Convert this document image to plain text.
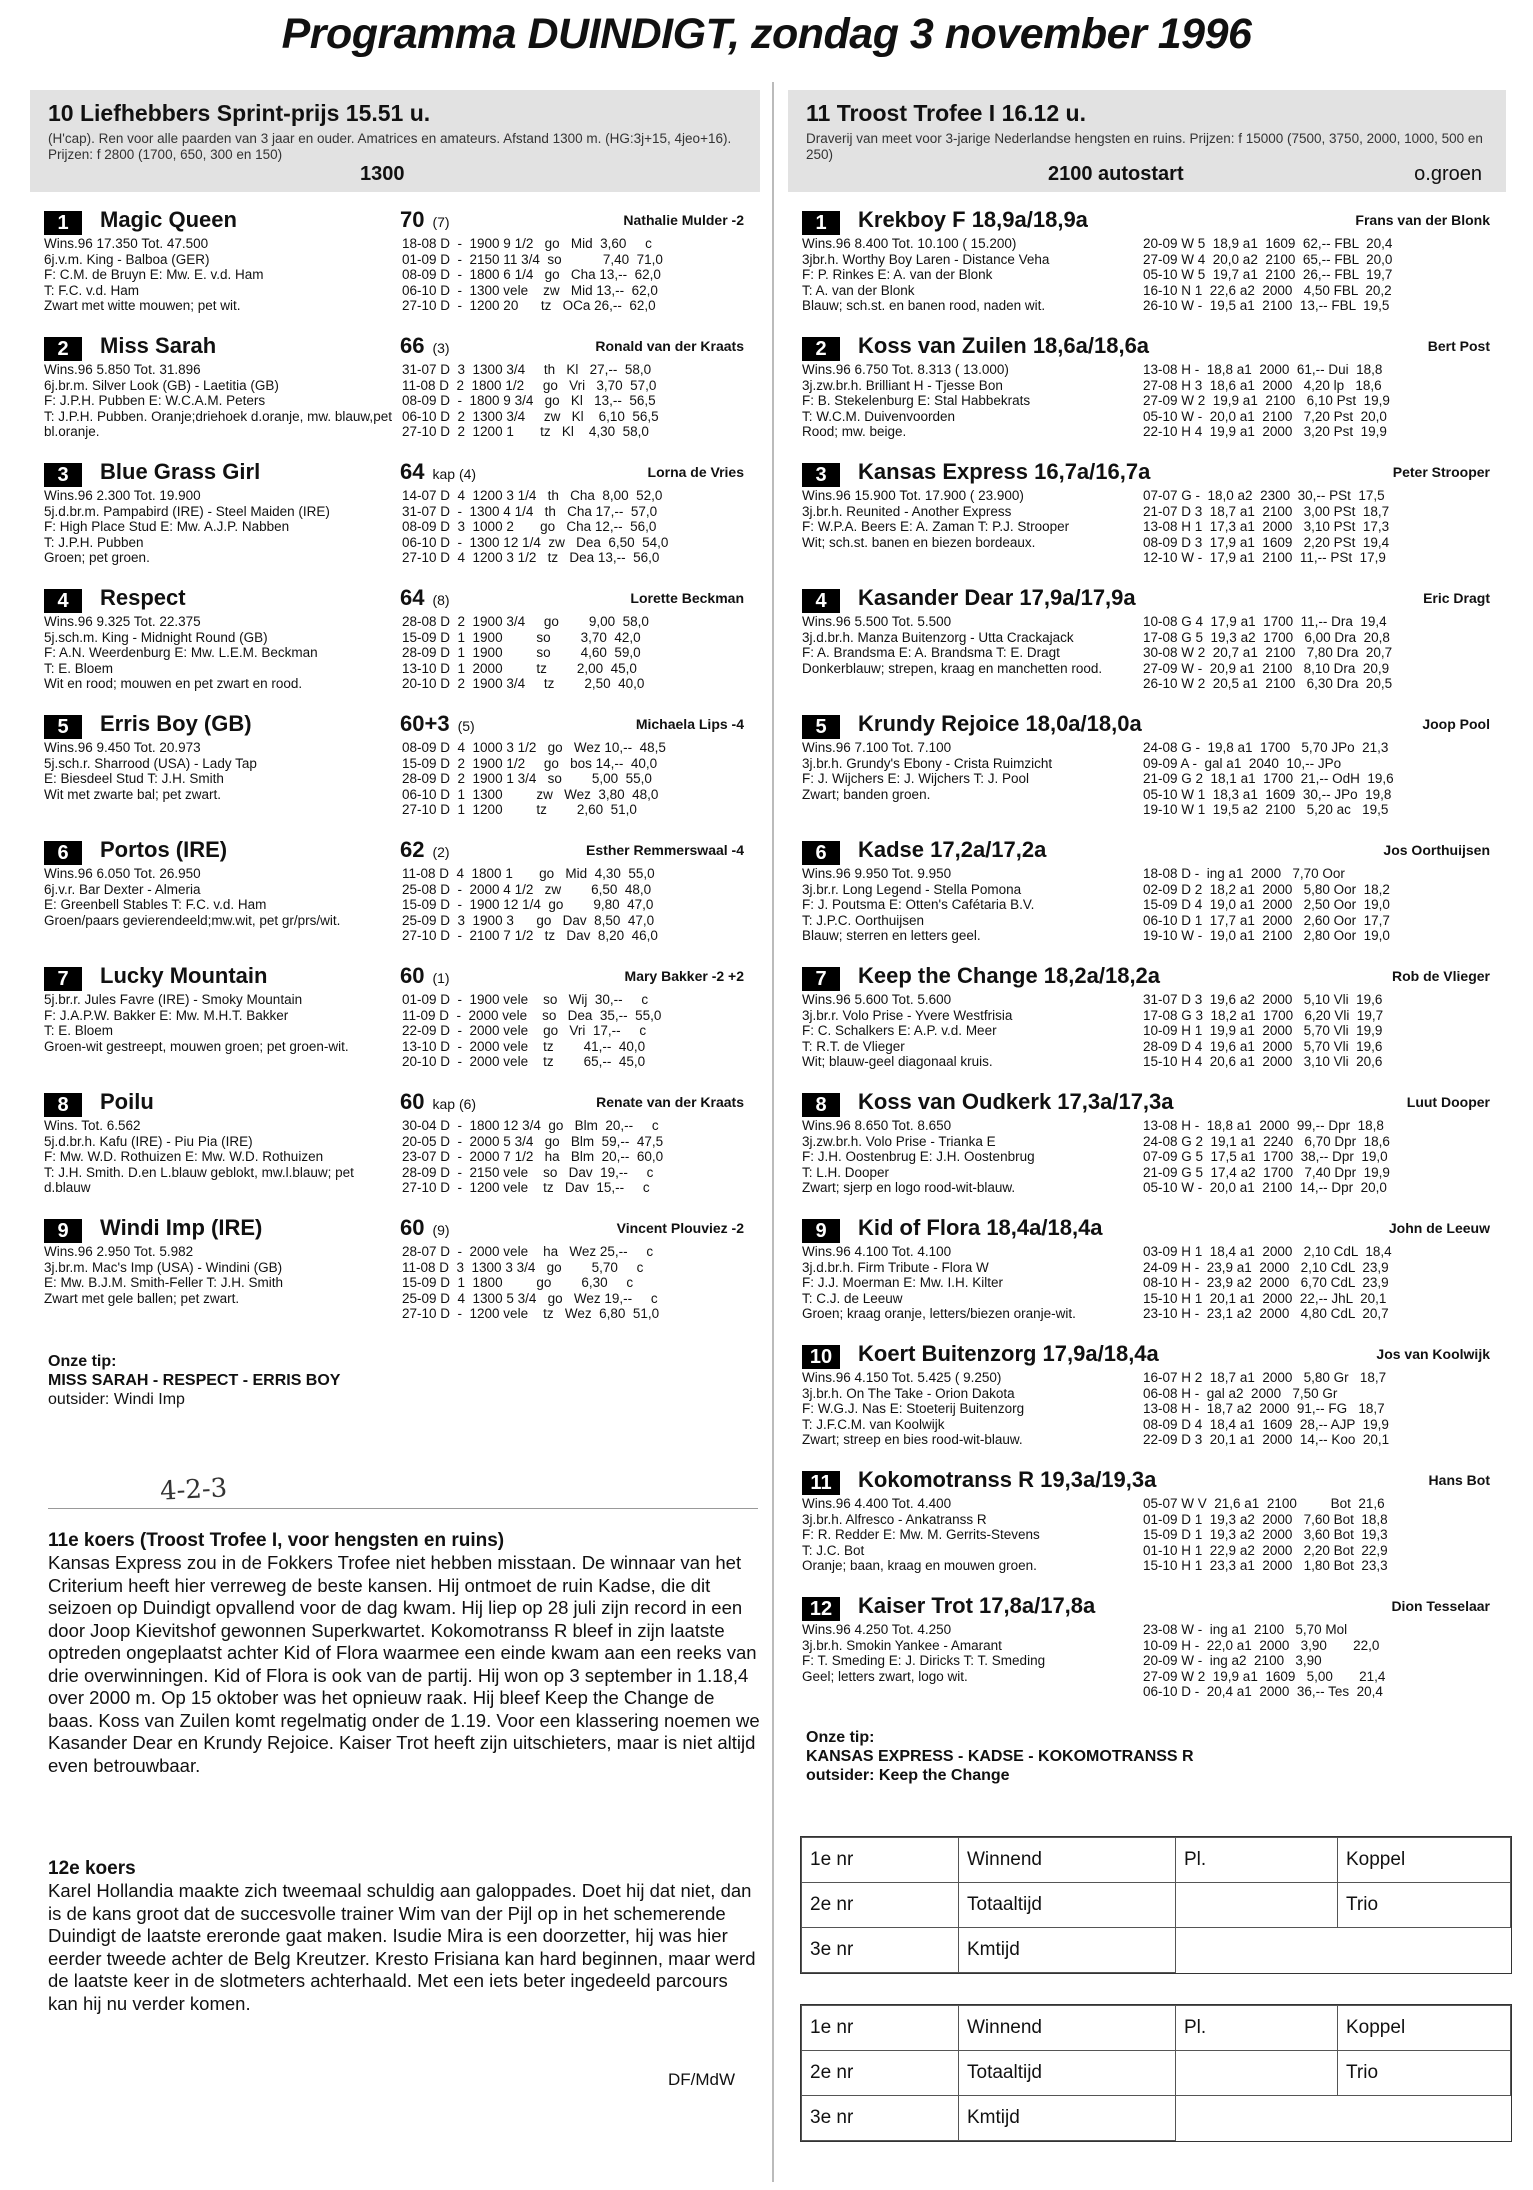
Programma DUINDIGT, zondag 3 november 1996
10 Liefhebbers Sprint-prijs 15.51 u.
(H'cap). Ren voor alle paarden van 3 jaar en ouder. Amatrices en amateurs. Afstand 1300 m. (HG:3j+15, 4jeo+16). Prijzen: f 2800 (1700, 650, 300 en 150)
1300
1	Magic Queen	70 (7)	Nathalie Mulder -2
Wins.96 17.350 Tot. 47.500
6j.v.m. King - Balboa (GER)
F: C.M. de Bruyn E: Mw. E. v.d. Ham
T: F.C. v.d. Ham
Zwart met witte mouwen; pet wit.
18-08 D  -  1900 9 1/2   go   Mid  3,60     c
01-09 D  -  2150 11 3/4  so           7,40  71,0
08-09 D  -  1800 6 1/4   go   Cha 13,--  62,0
06-10 D  -  1300 vele    zw   Mid 13,--  62,0
27-10 D  -  1200 20      tz   OCa 26,--  62,0
2	Miss Sarah	66 (3)	Ronald van der Kraats
Wins.96 5.850 Tot. 31.896
6j.br.m. Silver Look (GB) - Laetitia (GB)
F: J.P.H. Pubben E: W.C.A.M. Peters
T: J.P.H. Pubben. Oranje;driehoek d.oranje, mw. blauw,pet bl.oranje.
31-07 D  3  1300 3/4     th   Kl   27,--  58,0
11-08 D  2  1800 1/2     go   Vri   3,70  57,0
08-09 D  -  1800 9 3/4   go   Kl   13,--  56,5
06-10 D  2  1300 3/4     zw   Kl    6,10  56,5
27-10 D  2  1200 1       tz   Kl    4,30  58,0
3	Blue Grass Girl	64 kap (4)	Lorna de Vries
Wins.96 2.300 Tot. 19.900
5j.d.br.m. Pampabird (IRE) - Steel Maiden (IRE)
F: High Place Stud E: Mw. A.J.P. Nabben
T: J.P.H. Pubben
Groen; pet groen.
14-07 D  4  1200 3 1/4   th   Cha  8,00  52,0
31-07 D  -  1300 4 1/4   th   Cha 17,--  57,0
08-09 D  3  1000 2       go   Cha 12,--  56,0
06-10 D  -  1300 12 1/4  zw   Dea  6,50  54,0
27-10 D  4  1200 3 1/2   tz   Dea 13,--  56,0
4	Respect	64 (8)	Lorette Beckman
Wins.96 9.325 Tot. 22.375
5j.sch.m. King - Midnight Round (GB)
F: A.N. Weerdenburg E: Mw. L.E.M. Beckman
T: E. Bloem
Wit en rood; mouwen en pet zwart en rood.
28-08 D  2  1900 3/4     go        9,00  58,0
15-09 D  1  1900         so        3,70  42,0
28-09 D  1  1900         so        4,60  59,0
13-10 D  1  2000         tz        2,00  45,0
20-10 D  2  1900 3/4     tz        2,50  40,0
5	Erris Boy (GB)	60+3 (5)	Michaela Lips -4
Wins.96 9.450 Tot. 20.973
5j.sch.r. Sharrood (USA) - Lady Tap
E: Biesdeel Stud T: J.H. Smith
Wit met zwarte bal; pet zwart.
08-09 D  4  1000 3 1/2   go   Wez 10,--  48,5
15-09 D  2  1900 1/2     go   bos 14,--  40,0
28-09 D  2  1900 1 3/4   so        5,00  55,0
06-10 D  1  1300         zw   Wez  3,80  48,0
27-10 D  1  1200         tz        2,60  51,0
6	Portos (IRE)	62 (2)	Esther Remmerswaal -4
Wins.96 6.050 Tot. 26.950
6j.v.r. Bar Dexter - Almeria
E: Greenbell Stables T: F.C. v.d. Ham
Groen/paars gevierendeeld;mw.wit, pet gr/prs/wit.
11-08 D  4  1800 1       go   Mid  4,30  55,0
25-08 D  -  2000 4 1/2   zw        6,50  48,0
15-09 D  -  1900 12 1/4  go        9,80  47,0
25-09 D  3  1900 3      go   Dav  8,50  47,0
27-10 D  -  2100 7 1/2   tz   Dav  8,20  46,0
7	Lucky Mountain	60 (1)	Mary Bakker -2 +2
5j.br.r. Jules Favre (IRE) - Smoky Mountain
F: J.A.P.W. Bakker E: Mw. M.H.T. Bakker
T: E. Bloem
Groen-wit gestreept, mouwen groen; pet groen-wit.
01-09 D  -  1900 vele    so   Wij  30,--     c
11-09 D  -  2000 vele    so   Dea  35,--  55,0
22-09 D  -  2000 vele    go   Vri  17,--     c
13-10 D  -  2000 vele    tz        41,--  40,0
20-10 D  -  2000 vele    tz        65,--  45,0
8	Poilu	60 kap (6)	Renate van der Kraats
Wins. Tot. 6.562
5j.d.br.h. Kafu (IRE) - Piu Pia (IRE)
F: Mw. W.D. Rothuizen E: Mw. W.D. Rothuizen
T: J.H. Smith. D.en L.blauw geblokt, mw.l.blauw; pet d.blauw
30-04 D  -  1800 12 3/4  go   Blm  20,--     c
20-05 D  -  2000 5 3/4   go   Blm  59,--  47,5
23-07 D  -  2000 7 1/2   ha   Blm  20,--  60,0
28-09 D  -  2150 vele    so   Dav  19,--     c
27-10 D  -  1200 vele    tz   Dav  15,--     c
9	Windi Imp (IRE)	60 (9)	Vincent Plouviez -2
Wins.96 2.950 Tot. 5.982
3j.br.m. Mac's Imp (USA) - Windini (GB)
E: Mw. B.J.M. Smith-Feller T: J.H. Smith
Zwart met gele ballen; pet zwart.
28-07 D  -  2000 vele    ha   Wez 25,--     c
11-08 D  3  1300 3 3/4   go        5,70     c
15-09 D  1  1800         go        6,30     c
25-09 D  4  1300 5 3/4   go   Wez 19,--     c
27-10 D  -  1200 vele    tz   Wez  6,80  51,0
Onze tip:
MISS SARAH - RESPECT - ERRIS BOY
outsider: Windi Imp
4-2-3
11e koers (Troost Trofee I, voor hengsten en ruins)

Kansas Express zou in de Fokkers Trofee niet hebben misstaan. De winnaar van het Criterium heeft hier verreweg de beste kansen. Hij ontmoet de ruin Kadse, die dit seizoen op Duindigt opvallend voor de dag kwam. Hij liep op 28 juli zijn record in een door Joop Kievitshof gewonnen Superkwartet. Kokomotranss R bleef in zijn laatste optreden ongeplaatst achter Kid of Flora waarmee een einde kwam aan een reeks van drie overwinningen. Kid of Flora is ook van de partij. Hij won op 3 september in 1.18,4 over 2000 m. Op 15 oktober was het opnieuw raak. Hij bleef Keep the Change de baas. Koss van Zuilen komt regelmatig onder de 1.19. Voor een klassering noemen we Kasander Dear en Krundy Rejoice. Kaiser Trot heeft zijn uitschieters, maar is niet altijd even betrouwbaar.

12e koers

Karel Hollandia maakte zich tweemaal schuldig aan galoppades. Doet hij dat niet, dan is de kans groot dat de succesvolle trainer Wim van der Pijl op in het schemerende Duindigt de laatste ereronde gaat maken. Isudie Mira is een doorzetter, hij was hier eerder tweede achter de Belg Kreutzer. Kresto Frisiana kan hard beginnen, maar werd de laatste keer in de slotmeters achterhaald. Met een iets beter ingedeeld parcours kan hij nu verder komen.

DF/MdW
11 Troost Trofee I 16.12 u.
Draverij van meet voor 3-jarige Nederlandse hengsten en ruins. Prijzen: f 15000 (7500, 3750, 2000, 1000, 500 en 250)
2100 autostart	o.groen
1	Krekboy F 18,9a/18,9a	Frans van der Blonk
Wins.96 8.400 Tot. 10.100 ( 15.200)
3jbr.h. Worthy Boy Laren - Distance Veha
F: P. Rinkes E: A. van der Blonk
T: A. van der Blonk
Blauw; sch.st. en banen rood, naden wit.
20-09 W 5  18,9 a1  1609  62,-- FBL  20,4
27-09 W 4  20,0 a2  2100  65,-- FBL  20,0
05-10 W 5  19,7 a1  2100  26,-- FBL  19,7
16-10 N 1  22,6 a2  2000   4,50 FBL  20,2
26-10 W -  19,5 a1  2100  13,-- FBL  19,5
2	Koss van Zuilen 18,6a/18,6a	Bert Post
Wins.96 6.750 Tot. 8.313 ( 13.000)
3j.zw.br.h. Brilliant H - Tjesse Bon
F: B. Stekelenburg E: Stal Habbekrats
T: W.C.M. Duivenvoorden
Rood; mw. beige.
13-08 H -  18,8 a1  2000  61,-- Dui  18,8
27-08 H 3  18,6 a1  2000   4,20 lp   18,6
27-09 W 2  19,9 a1  2100   6,10 Pst  19,9
05-10 W -  20,0 a1  2100   7,20 Pst  20,0
22-10 H 4  19,9 a1  2000   3,20 Pst  19,9
3	Kansas Express 16,7a/16,7a	Peter Strooper
Wins.96 15.900 Tot. 17.900 ( 23.900)
3j.br.h. Reunited - Another Express
F: W.P.A. Beers E: A. Zaman T: P.J. Strooper
Wit; sch.st. banen en biezen bordeaux.
07-07 G -  18,0 a2  2300  30,-- PSt  17,5
21-07 D 3  18,7 a1  2100   3,00 PSt  18,7
13-08 H 1  17,3 a1  2000   3,10 PSt  17,3
08-09 D 3  17,9 a1  1609   2,20 PSt  19,4
12-10 W -  17,9 a1  2100  11,-- PSt  17,9
4	Kasander Dear 17,9a/17,9a	Eric Dragt
Wins.96 5.500 Tot. 5.500
3j.d.br.h. Manza Buitenzorg - Utta Crackajack
F: A. Brandsma E: A. Brandsma T: E. Dragt
Donkerblauw; strepen, kraag en manchetten rood.
10-08 G 4  17,9 a1  1700  11,-- Dra  19,4
17-08 G 5  19,3 a2  1700   6,00 Dra  20,8
30-08 W 2  20,7 a1  2100   7,80 Dra  20,7
27-09 W -  20,9 a1  2100   8,10 Dra  20,9
26-10 W 2  20,5 a1  2100   6,30 Dra  20,5
5	Krundy Rejoice 18,0a/18,0a	Joop Pool
Wins.96 7.100 Tot. 7.100
3j.br.h. Grundy's Ebony - Crista Ruimzicht
F: J. Wijchers E: J. Wijchers T: J. Pool
Zwart; banden groen.
24-08 G -  19,8 a1  1700   5,70 JPo  21,3
09-09 A -  gal a1  2040  10,-- JPo
21-09 G 2  18,1 a1  1700  21,-- OdH  19,6
05-10 W 1  18,3 a1  1609  30,-- JPo  19,8
19-10 W 1  19,5 a2  2100   5,20 ac   19,5
6	Kadse 17,2a/17,2a	Jos Oorthuijsen
Wins.96 9.950 Tot. 9.950
3j.br.r. Long Legend - Stella Pomona
F: J. Poutsma E: Otten's Cafétaria B.V.
T: J.P.C. Oorthuijsen
Blauw; sterren en letters geel.
18-08 D -  ing a1  2000   7,70 Oor
02-09 D 2  18,2 a1  2000   5,80 Oor  18,2
15-09 D 4  19,0 a1  2000   2,50 Oor  19,0
06-10 D 1  17,7 a1  2000   2,60 Oor  17,7
19-10 W -  19,0 a1  2100   2,80 Oor  19,0
7	Keep the Change 18,2a/18,2a	Rob de Vlieger
Wins.96 5.600 Tot. 5.600
3j.br.r. Volo Prise - Yvere Westfrisia
F: C. Schalkers E: A.P. v.d. Meer
T: R.T. de Vlieger
Wit; blauw-geel diagonaal kruis.
31-07 D 3  19,6 a2  2000   5,10 Vli  19,6
17-08 G 3  18,2 a1  1700   6,20 Vli  19,7
10-09 H 1  19,9 a1  2000   5,70 Vli  19,9
28-09 D 4  19,6 a1  2000   5,70 Vli  19,6
15-10 H 4  20,6 a1  2000   3,10 Vli  20,6
8	Koss van Oudkerk 17,3a/17,3a	Luut Dooper
Wins.96 8.650 Tot. 8.650
3j.zw.br.h. Volo Prise - Trianka E
F: J.H. Oostenbrug E: J.H. Oostenbrug
T: L.H. Dooper
Zwart; sjerp en logo rood-wit-blauw.
13-08 H -  18,8 a1  2000  99,-- Dpr  18,8
24-08 G 2  19,1 a1  2240   6,70 Dpr  18,6
07-09 G 5  17,5 a1  1700  38,-- Dpr  19,0
21-09 G 5  17,4 a2  1700   7,40 Dpr  19,9
05-10 W -  20,0 a1  2100  14,-- Dpr  20,0
9	Kid of Flora 18,4a/18,4a	John de Leeuw
Wins.96 4.100 Tot. 4.100
3j.d.br.h. Firm Tribute - Flora W
F: J.J. Moerman E: Mw. I.H. Kilter
T: C.J. de Leeuw
Groen; kraag oranje, letters/biezen oranje-wit.
03-09 H 1  18,4 a1  2000   2,10 CdL  18,4
24-09 H -  23,9 a1  2000   2,10 CdL  23,9
08-10 H -  23,9 a2  2000   6,70 CdL  23,9
15-10 H 1  20,1 a1  2000  22,-- JhL  20,1
23-10 H -  23,1 a2  2000   4,80 CdL  20,7
10	Koert Buitenzorg 17,9a/18,4a	Jos van Koolwijk
Wins.96 4.150 Tot. 5.425 ( 9.250)
3j.br.h. On The Take - Orion Dakota
F: W.G.J. Nas E: Stoeterij Buitenzorg
T: J.F.C.M. van Koolwijk
Zwart; streep en bies rood-wit-blauw.
16-07 H 2  18,7 a1  2000   5,80 Gr   18,7
06-08 H -  gal a2  2000   7,50 Gr
13-08 H -  18,7 a2  2000  91,-- FG   18,7
08-09 D 4  18,4 a1  1609  28,-- AJP  19,9
22-09 D 3  20,1 a1  2000  14,-- Koo  20,1
11	Kokomotranss R 19,3a/19,3a	Hans Bot
Wins.96 4.400 Tot. 4.400
3j.br.h. Alfresco - Ankatranss R
F: R. Redder E: Mw. M. Gerrits-Stevens
T: J.C. Bot
Oranje; baan, kraag en mouwen groen.
05-07 W V  21,6 a1  2100         Bot  21,6
01-09 D 1  19,3 a2  2000   7,60 Bot  18,8
15-09 D 1  19,3 a2  2000   3,60 Bot  19,3
01-10 H 1  22,9 a2  2000   2,20 Bot  22,9
15-10 H 1  23,3 a1  2000   1,80 Bot  23,3
12	Kaiser Trot 17,8a/17,8a	Dion Tesselaar
Wins.96 4.250 Tot. 4.250
3j.br.h. Smokin Yankee - Amarant
F: T. Smeding E: J. Diricks T: T. Smeding
Geel; letters zwart, logo wit.
23-08 W -  ing a1  2100   5,70 Mol
10-09 H -  22,0 a1  2000   3,90       22,0
20-09 W -  ing a2  2100   3,90
27-09 W 2  19,9 a1  1609   5,00       21,4
06-10 D -  20,4 a1  2000  36,-- Tes  20,4
Onze tip:
KANSAS EXPRESS - KADSE - KOKOMOTRANSS R
outsider: Keep the Change
1e nr	Winnend	Pl.	Koppel
2e nr	Totaaltijd		Trio
3e nr	Kmtijd		
1e nr	Winnend	Pl.	Koppel
2e nr	Totaaltijd		Trio
3e nr	Kmtijd		
